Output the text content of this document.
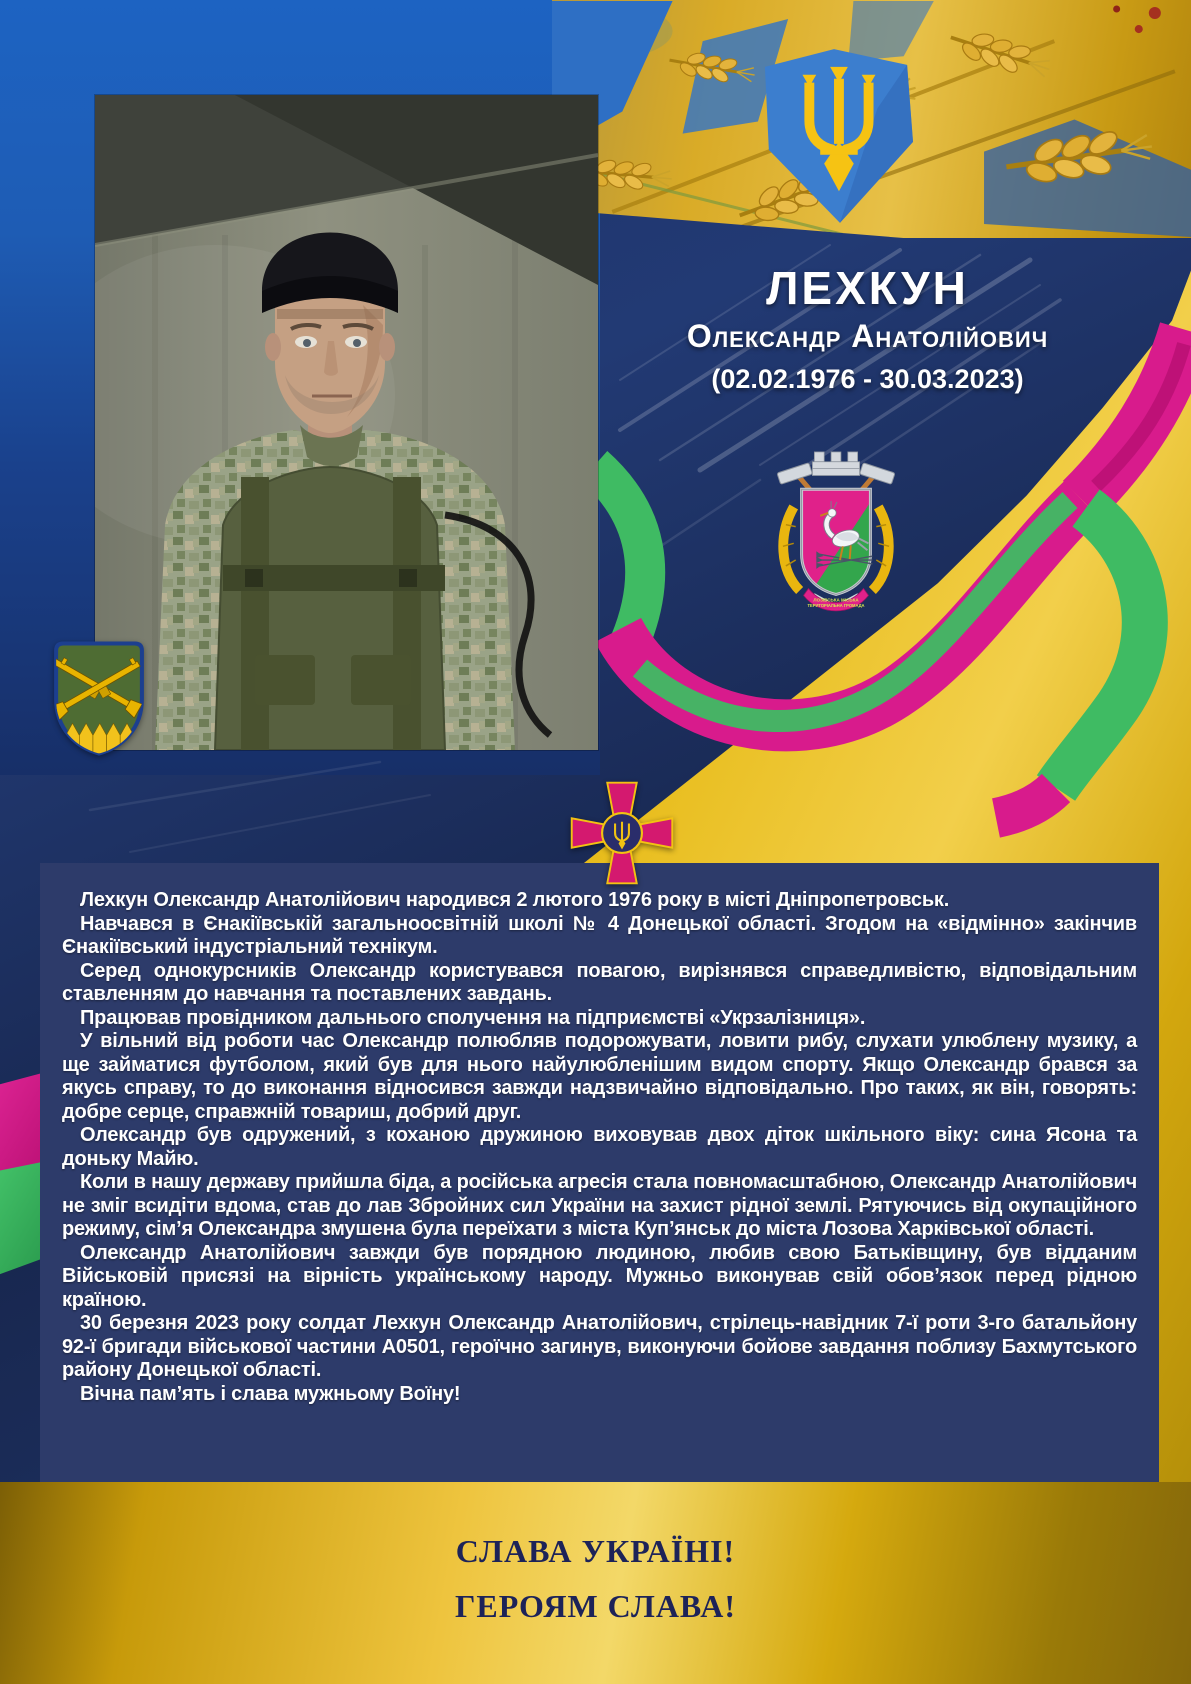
ЛЕХКУН
Олександр Анатолійович
(02.02.1976 - 30.03.2023)
ЛОЗІВСЬКА МІСЬКА
ТЕРИТОРІАЛЬНА ГРОМАДА

Лехкун Олександр Анатолійович народився 2 лютого 1976 року в місті Дніпропетровськ.

Навчався в Єнакіївській загальноосвітній школі № 4 Донецької області. Згодом на «відмінно» закінчив Єнакіївський індустріальний технікум.

Серед однокурсників Олександр користувався повагою, вирізнявся справедливістю, відповідальним ставленням до навчання та поставлених завдань.

Працював провідником дальнього сполучення на підприємстві «Укрзалізниця».

У вільний від роботи час Олександр полюбляв подорожувати, ловити рибу, слухати улюблену музику, а ще займатися футболом, який був для нього найулюбленішим видом спорту. Якщо Олександр брався за якусь справу, то до виконання відносився завжди надзвичайно відповідально. Про таких, як він, говорять: добре серце, справжній товариш, добрий друг.

Олександр був одружений, з коханою дружиною виховував двох діток шкільного віку: сина Ясона та доньку Майю.

Коли в нашу державу прийшла біда, а російська агресія стала повномасштабною, Олександр Анатолійович не зміг всидіти вдома, став до лав Збройних сил України на захист рідної землі. Рятуючись від окупаційного режиму, сім’я Олександра змушена була переїхати з міста Куп’янськ до міста Лозова Харківської області.

Олександр Анатолійович завжди був порядною людиною, любив свою Батьківщину, був відданим Військовій присязі на вірність українському народу. Мужньо виконував свій обов’язок перед рідною країною.

30 березня 2023 року солдат Лехкун Олександр Анатолійович, стрілець-навідник 7-ї роти 3-го батальйону 92-ї бригади військової частини А0501, героїчно загинув, виконуючи бойове завдання поблизу Бахмутського району Донецької області.

Вічна пам’ять і слава мужньому Воїну!

СЛАВА УКРАЇНІ!
ГЕРОЯМ СЛАВА!
